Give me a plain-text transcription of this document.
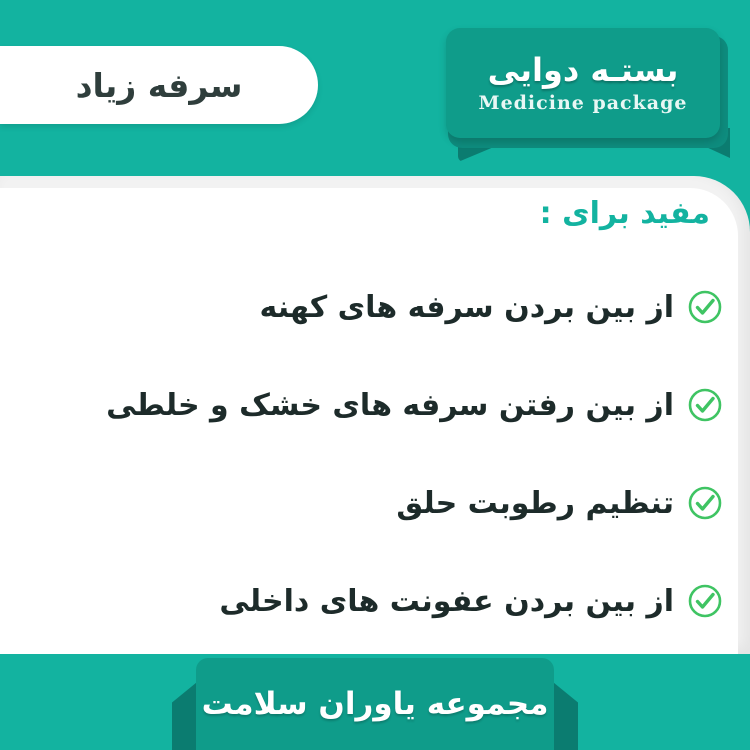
سرفه زیاد	بستـه دوایی
Medicine package
مفید برای :
از بین بردن سرفه های کهنه
از بین رفتن سرفه های خشک و خلطی
تنظیم رطوبت حلق
از بین بردن عفونت های داخلی
مجموعه یاوران سلامت
